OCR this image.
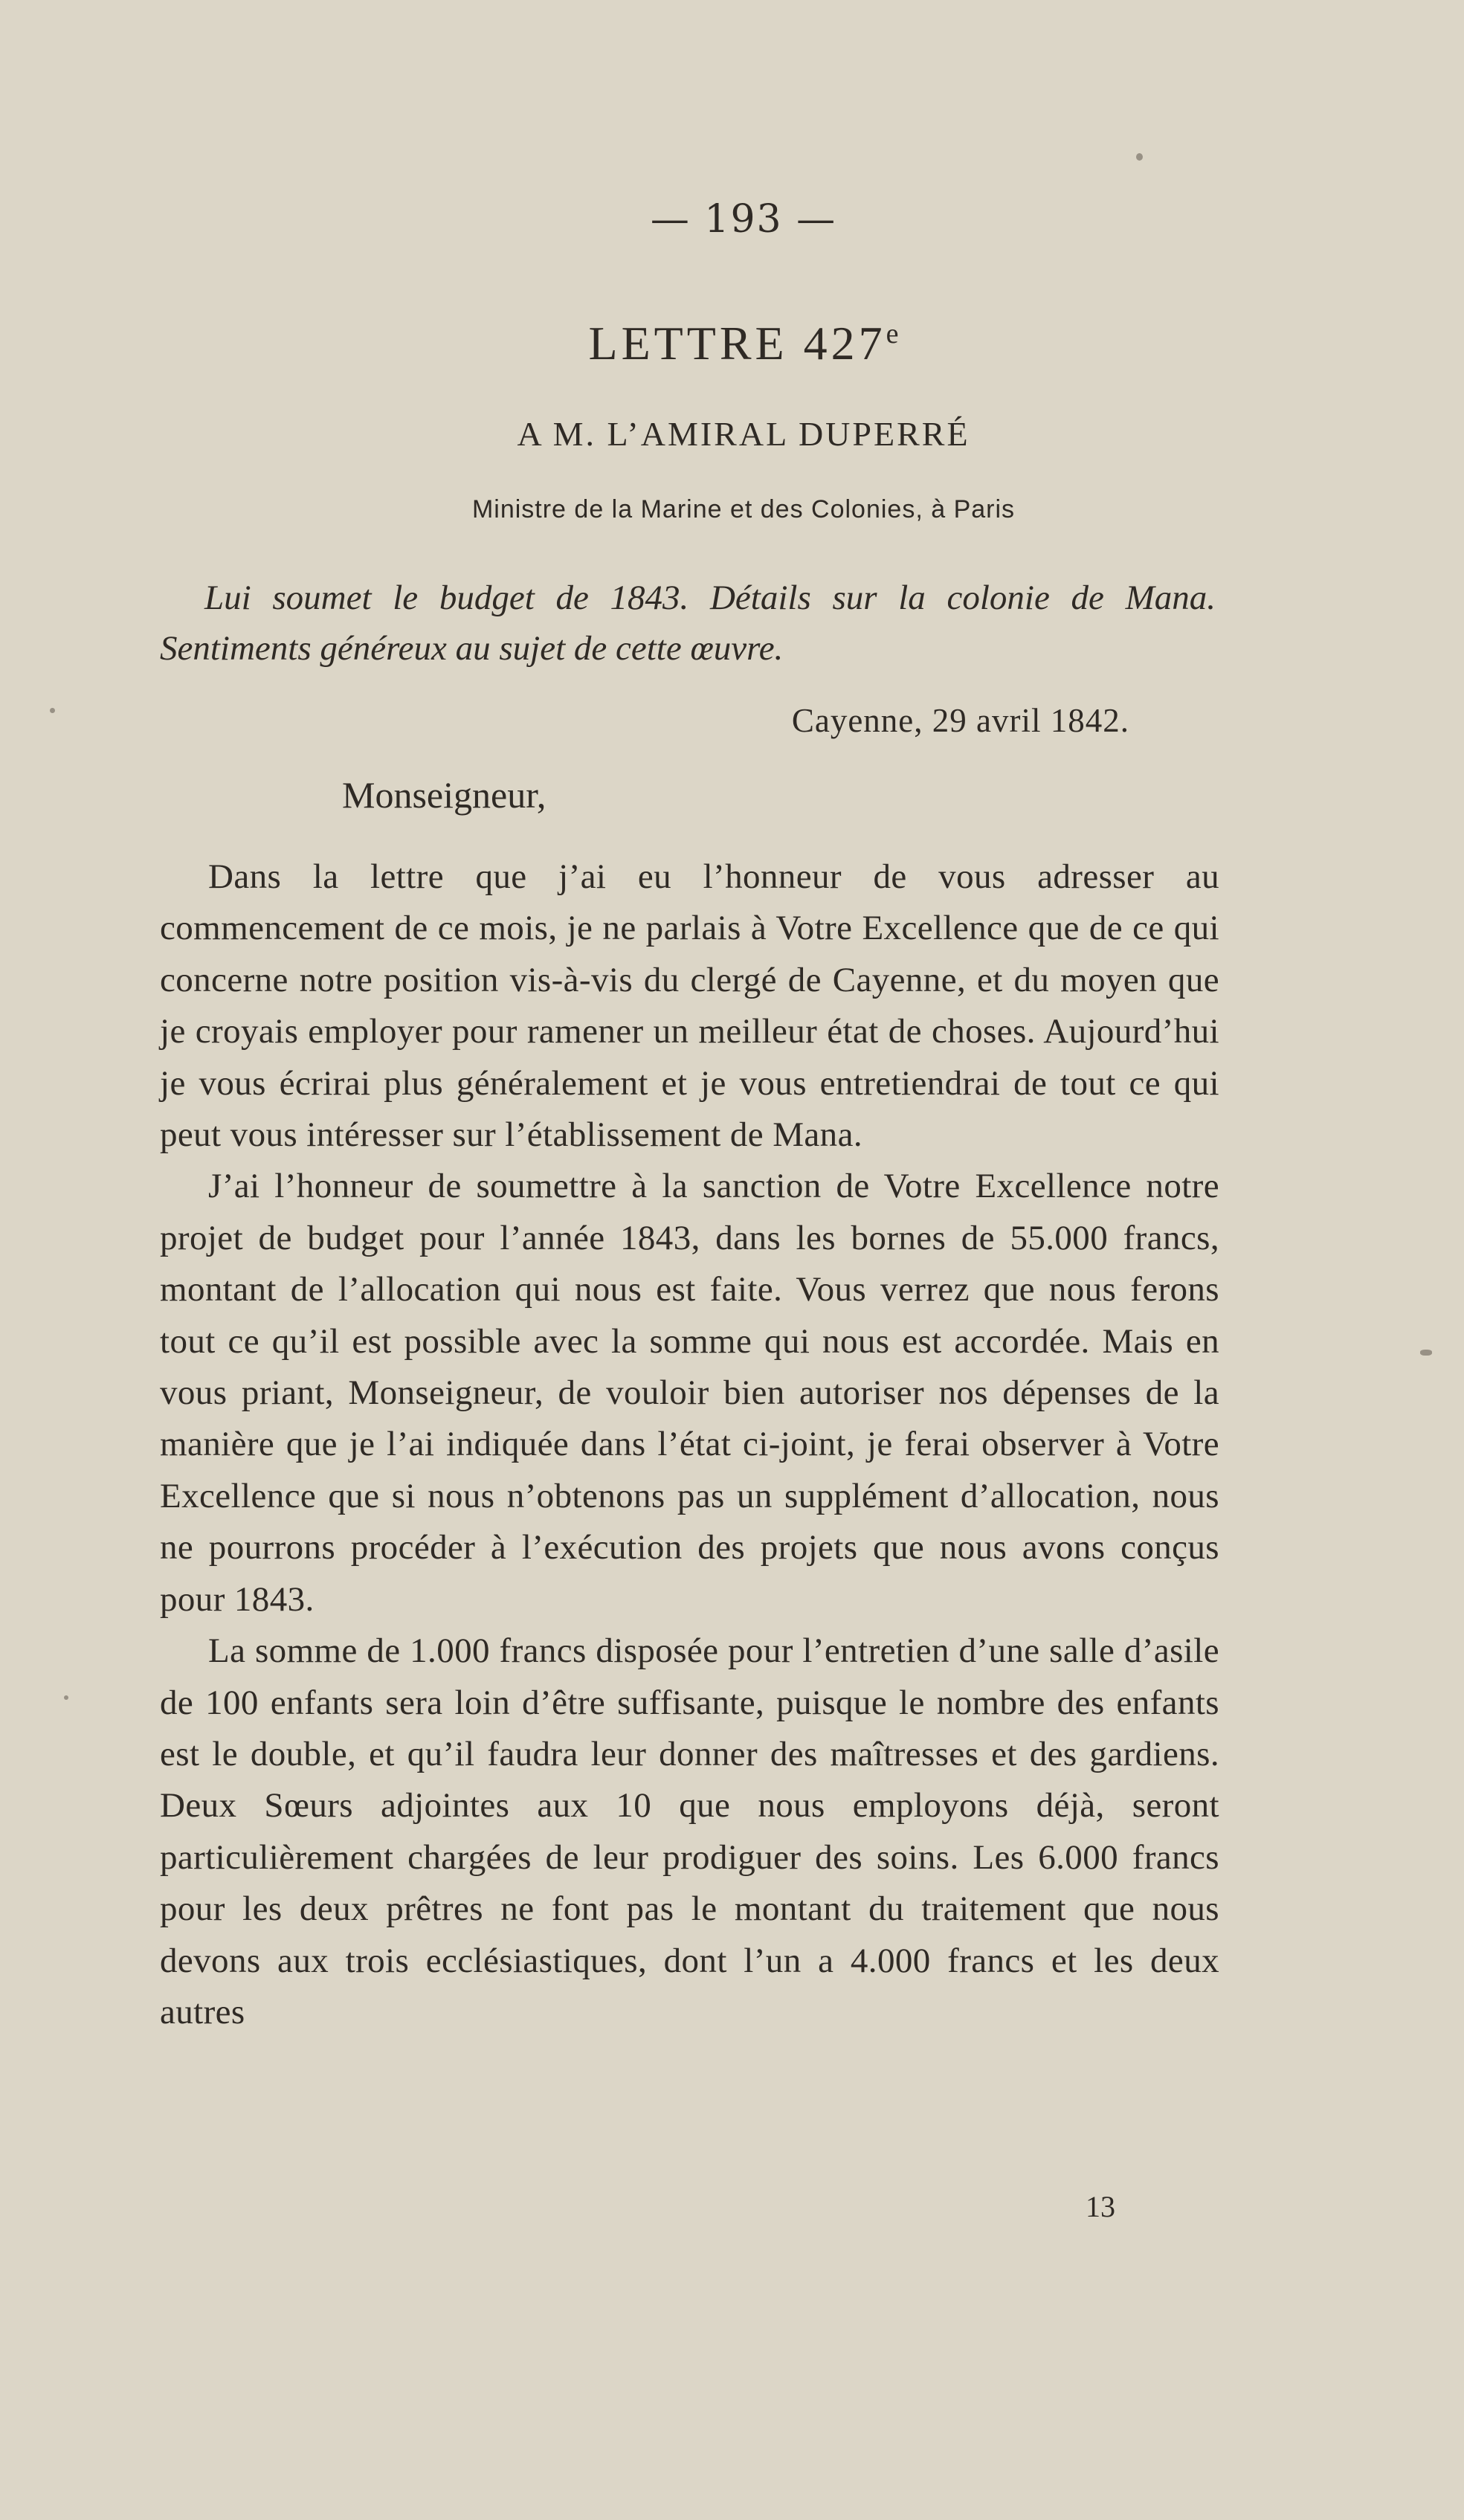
— 193 —
LETTRE 427e
A M. L’AMIRAL DUPERRÉ
Ministre de la Marine et des Colonies, à Paris
Lui soumet le budget de 1843. Détails sur la colonie de Mana. Sentiments généreux au sujet de cette œuvre.
Cayenne, 29 avril 1842.
Monseigneur,

Dans la lettre que j’ai eu l’honneur de vous adresser au commencement de ce mois, je ne parlais à Votre Excellence que de ce qui concerne notre position vis-à-vis du clergé de Cayenne, et du moyen que je croyais employer pour ramener un meilleur état de choses. Aujourd’hui je vous écrirai plus généralement et je vous entretiendrai de tout ce qui peut vous intéresser sur l’établissement de Mana.

J’ai l’honneur de soumettre à la sanction de Votre Excellence notre projet de budget pour l’année 1843, dans les bornes de 55.000 francs, montant de l’allocation qui nous est faite. Vous verrez que nous ferons tout ce qu’il est possible avec la somme qui nous est accordée. Mais en vous priant, Monseigneur, de vouloir bien autoriser nos dépenses de la manière que je l’ai indiquée dans l’état ci-joint, je ferai observer à Votre Excellence que si nous n’obtenons pas un supplément d’allocation, nous ne pourrons procéder à l’exécution des projets que nous avons conçus pour 1843.

La somme de 1.000 francs disposée pour l’entretien d’une salle d’asile de 100 enfants sera loin d’être suffisante, puisque le nombre des enfants est le double, et qu’il faudra leur donner des maîtresses et des gardiens. Deux Sœurs adjointes aux 10 que nous employons déjà, seront particulièrement chargées de leur prodiguer des soins. Les 6.000 francs pour les deux prêtres ne font pas le montant du traitement que nous devons aux trois ecclésiastiques, dont l’un a 4.000 francs et les deux autres

13
